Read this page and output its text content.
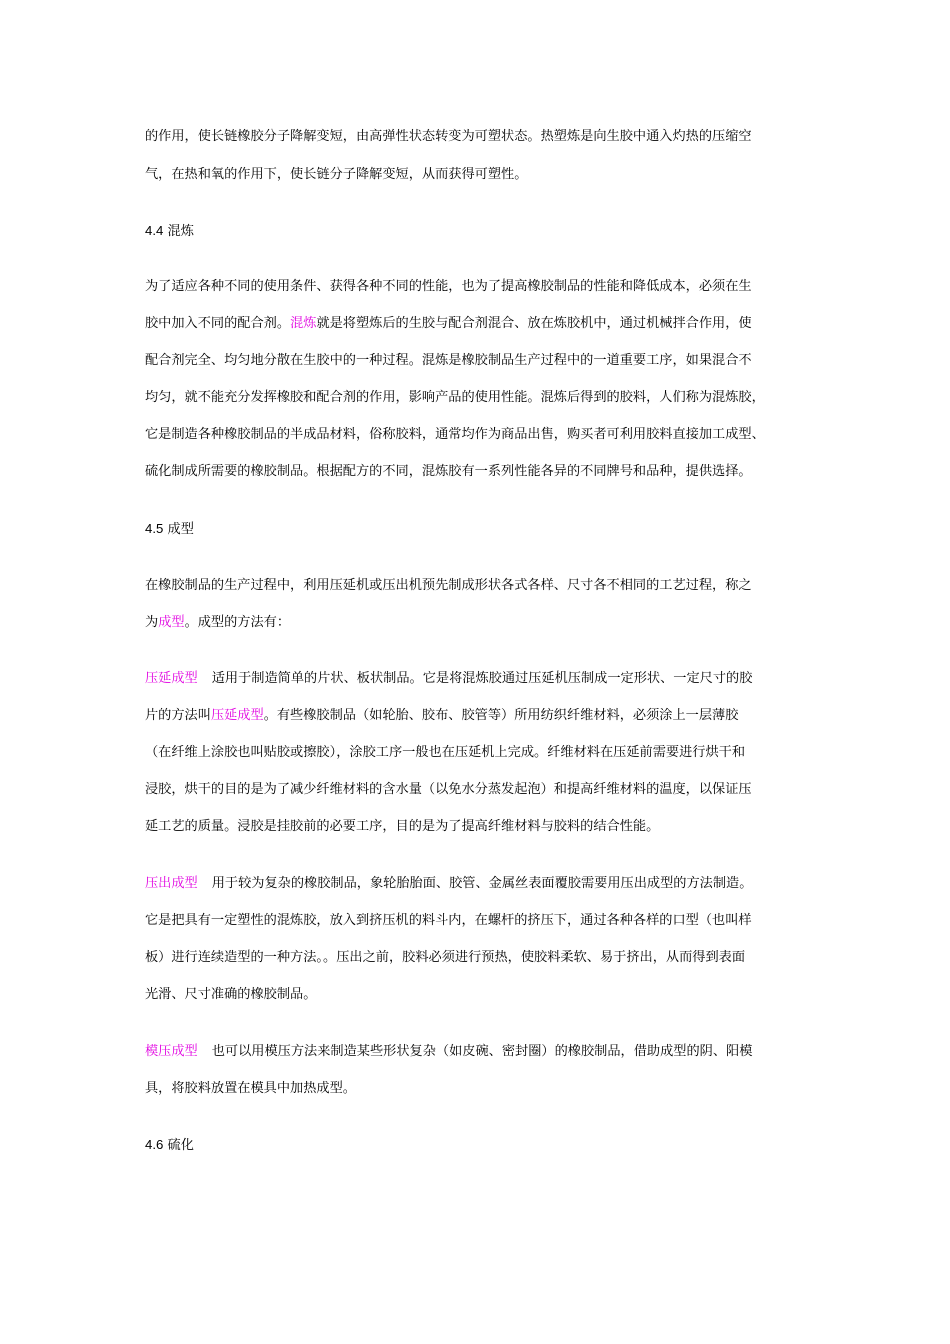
的作用，使长链橡胶分子降解变短，由高弹性状态转变为可塑状态。热塑炼是向生胶中通入灼热的压缩空
气，在热和氧的作用下，使长链分子降解变短，从而获得可塑性。
4.4 混炼
为了适应各种不同的使用条件、获得各种不同的性能，也为了提高橡胶制品的性能和降低成本，必须在生
胶中加入不同的配合剂。混炼就是将塑炼后的生胶与配合剂混合、放在炼胶机中，通过机械拌合作用，使
配合剂完全、均匀地分散在生胶中的一种过程。混炼是橡胶制品生产过程中的一道重要工序，如果混合不
均匀，就不能充分发挥橡胶和配合剂的作用，影响产品的使用性能。混炼后得到的胶料，人们称为混炼胶，
它是制造各种橡胶制品的半成品材料，俗称胶料，通常均作为商品出售，购买者可利用胶料直接加工成型、
硫化制成所需要的橡胶制品。根据配方的不同，混炼胶有一系列性能各异的不同牌号和品种，提供选择。
4.5 成型
在橡胶制品的生产过程中，利用压延机或压出机预先制成形状各式各样、尺寸各不相同的工艺过程，称之
为成型。成型的方法有：
压延成型 适用于制造简单的片状、板状制品。它是将混炼胶通过压延机压制成一定形状、一定尺寸的胶
片的方法叫压延成型。有些橡胶制品（如轮胎、胶布、胶管等）所用纺织纤维材料，必须涂上一层薄胶
（在纤维上涂胶也叫贴胶或擦胶），涂胶工序一般也在压延机上完成。纤维材料在压延前需要进行烘干和
浸胶，烘干的目的是为了减少纤维材料的含水量（以免水分蒸发起泡）和提高纤维材料的温度，以保证压
延工艺的质量。浸胶是挂胶前的必要工序，目的是为了提高纤维材料与胶料的结合性能。
压出成型 用于较为复杂的橡胶制品，象轮胎胎面、胶管、金属丝表面覆胶需要用压出成型的方法制造。
它是把具有一定塑性的混炼胶，放入到挤压机的料斗内，在螺杆的挤压下，通过各种各样的口型（也叫样
板）进行连续造型的一种方法。。压出之前，胶料必须进行预热，使胶料柔软、易于挤出，从而得到表面
光滑、尺寸准确的橡胶制品。
模压成型 也可以用模压方法来制造某些形状复杂（如皮碗、密封圈）的橡胶制品，借助成型的阴、阳模
具，将胶料放置在模具中加热成型。
4.6 硫化
